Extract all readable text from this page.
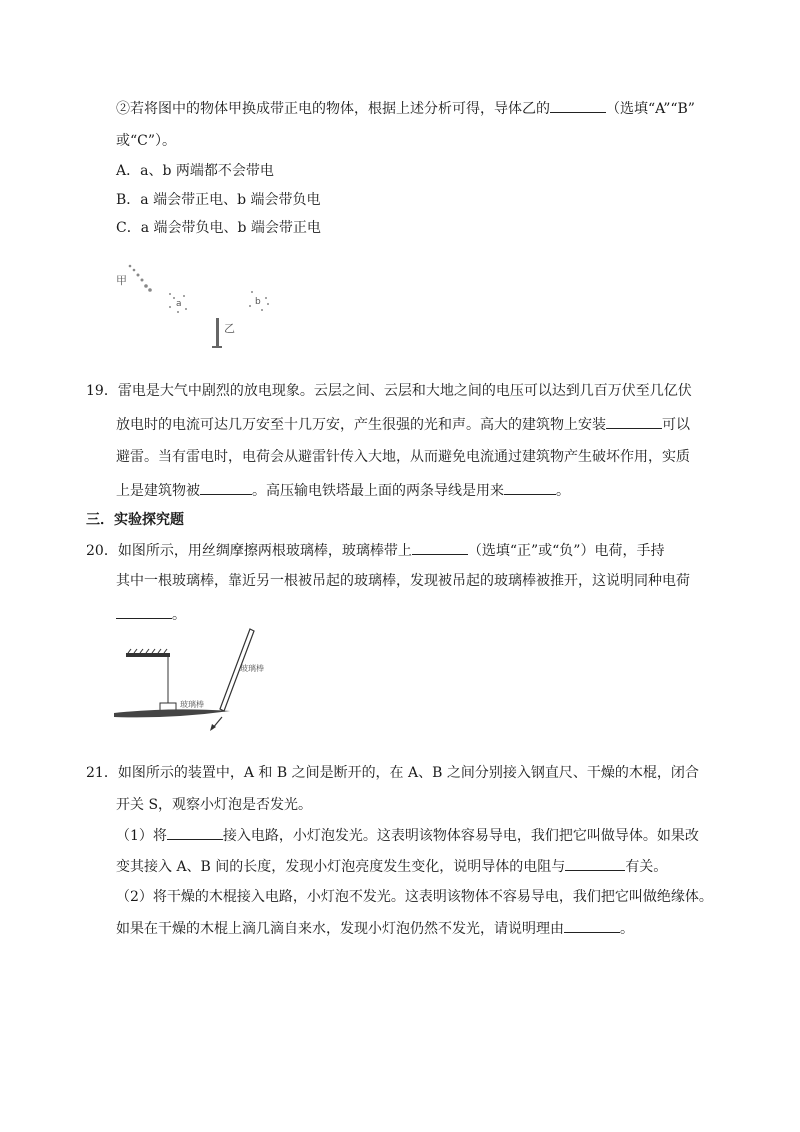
②若将图中的物体甲换成带正电的物体，根据上述分析可得，导体乙的	（选填“A”“B”
或“C”）。
A．a、b 两端都不会带电
B．a 端会带正电、b 端会带负电
C．a 端会带负电、b 端会带正电
甲
a	b
乙
19．雷电是大气中剧烈的放电现象。云层之间、云层和大地之间的电压可以达到几百万伏至几亿伏
放电时的电流可达几万安至十几万安，产生很强的光和声。高大的建筑物上安装	可以
避雷。当有雷电时，电荷会从避雷针传入大地，从而避免电流通过建筑物产生破坏作用，实质
上是建筑物被	。高压输电铁塔最上面的两条导线是用来	。
三．实验探究题
20．如图所示，用丝绸摩擦两根玻璃棒，玻璃棒带上	（选填“正”或“负”）电荷，手持
其中一根玻璃棒，靠近另一根被吊起的玻璃棒，发现被吊起的玻璃棒被推开，这说明同种电荷
。
玻璃棒
玻璃棒
21．如图所示的装置中，A 和 B 之间是断开的，在 A、B 之间分别接入钢直尺、干燥的木棍，闭合
开关 S，观察小灯泡是否发光。
（1）将	接入电路，小灯泡发光。这表明该物体容易导电，我们把它叫做导体。如果改
变其接入 A、B 间的长度，发现小灯泡亮度发生变化，说明导体的电阻与	有关。
（2）将干燥的木棍接入电路，小灯泡不发光。这表明该物体不容易导电，我们把它叫做绝缘体。
如果在干燥的木棍上滴几滴自来水，发现小灯泡仍然不发光，请说明理由	。
